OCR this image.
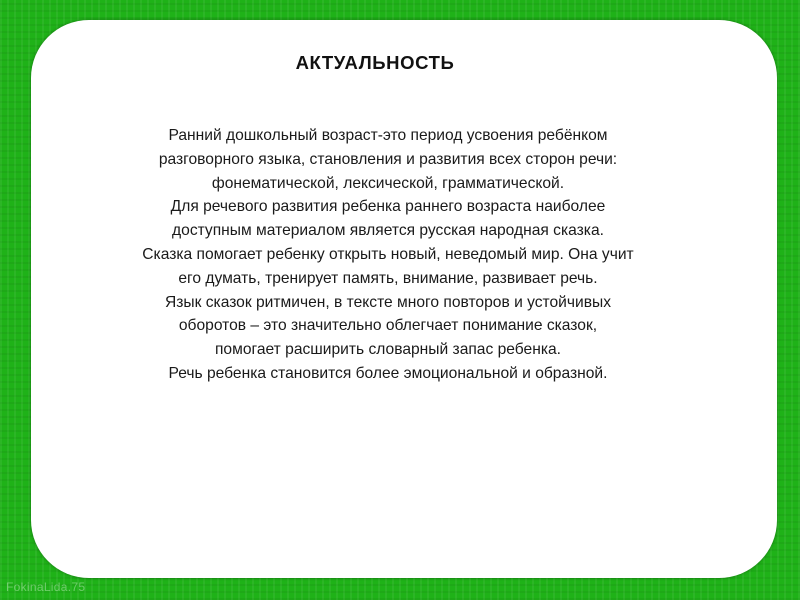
АКТУАЛЬНОСТЬ
Ранний дошкольный возраст-это период усвоения ребёнком
разговорного языка, становления и развития всех сторон речи:
фонематической, лексической, грамматической.
Для речевого развития ребенка раннего возраста наиболее
доступным материалом является русская народная сказка.
Сказка помогает ребенку открыть новый, неведомый мир. Она учит
его думать, тренирует память, внимание, развивает речь.
Язык сказок ритмичен, в тексте много повторов и устойчивых
оборотов – это значительно облегчает понимание сказок,
помогает расширить словарный запас ребенка.
Речь ребенка становится более эмоциональной и образной.
FokinaLida.75
